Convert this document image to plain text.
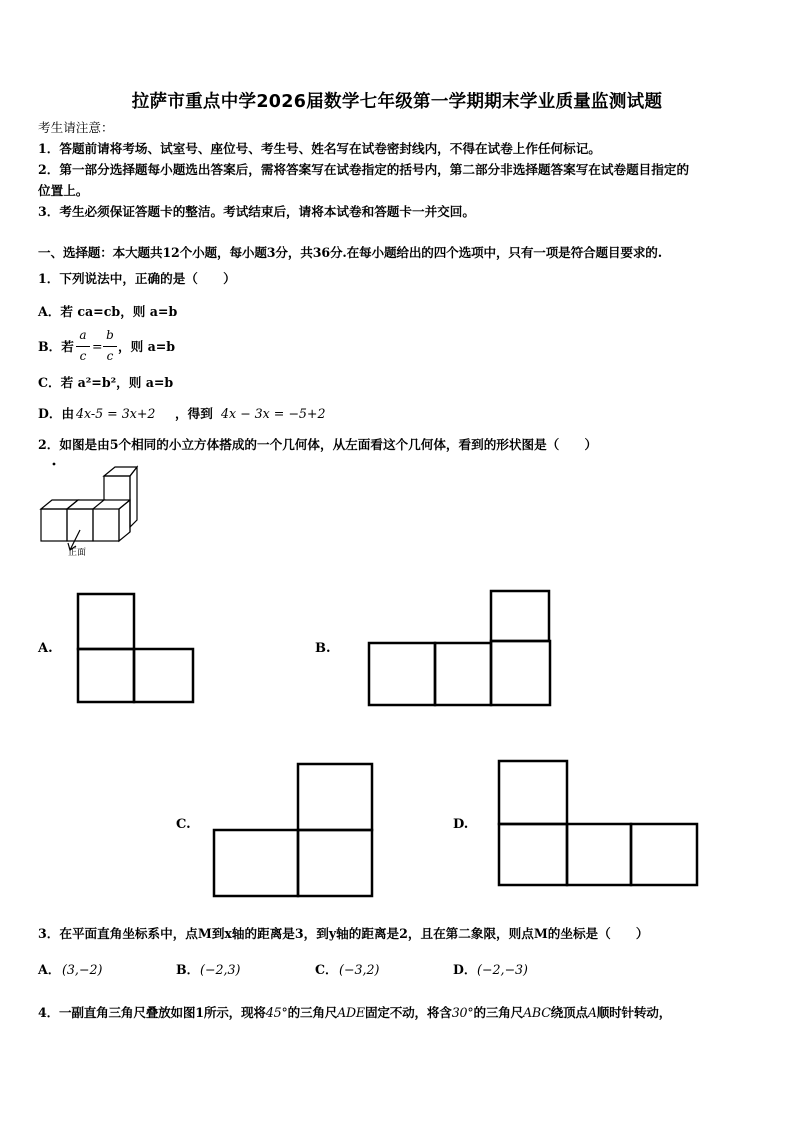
拉萨市重点中学2026届数学七年级第一学期期末学业质量监测试题
考生请注意：
1．答题前请将考场、试室号、座位号、考生号、姓名写在试卷密封线内，不得在试卷上作任何标记。
2．第一部分选择题每小题选出答案后，需将答案写在试卷指定的括号内，第二部分非选择题答案写在试卷题目指定的
位置上。
3．考生必须保证答题卡的整洁。考试结束后，请将本试卷和答题卡一并交回。
一、选择题：本大题共12个小题，每小题3分，共36分.在每小题给出的四个选项中，只有一项是符合题目要求的.
1．下列说法中，正确的是（　　）
A．若 ca=cb，则 a=b
B．若
a
c
=
b
c
，则 a=b
C．若 a²=b²，则 a=b
D．由 4x-5 = 3x+2 ，得到 4x − 3x = −5+2
2．如图是由5个相同的小立方体搭成的一个几何体，从左面看这个几何体，看到的形状图是（　　）
正面
A.	B.
C.	D.
3．在平面直角坐标系中，点M到x轴的距离是3，到y轴的距离是2，且在第二象限，则点M的坐标是（　　）
A． (3,−2)	B． (−2,3)	C． (−3,2)	D． (−2,−3)
4．一副直角三角尺叠放如图1所示，现将 45° 的三角尺 ADE 固定不动，将含 30° 的三角尺 ABC 绕顶点 A 顺时针转动，
